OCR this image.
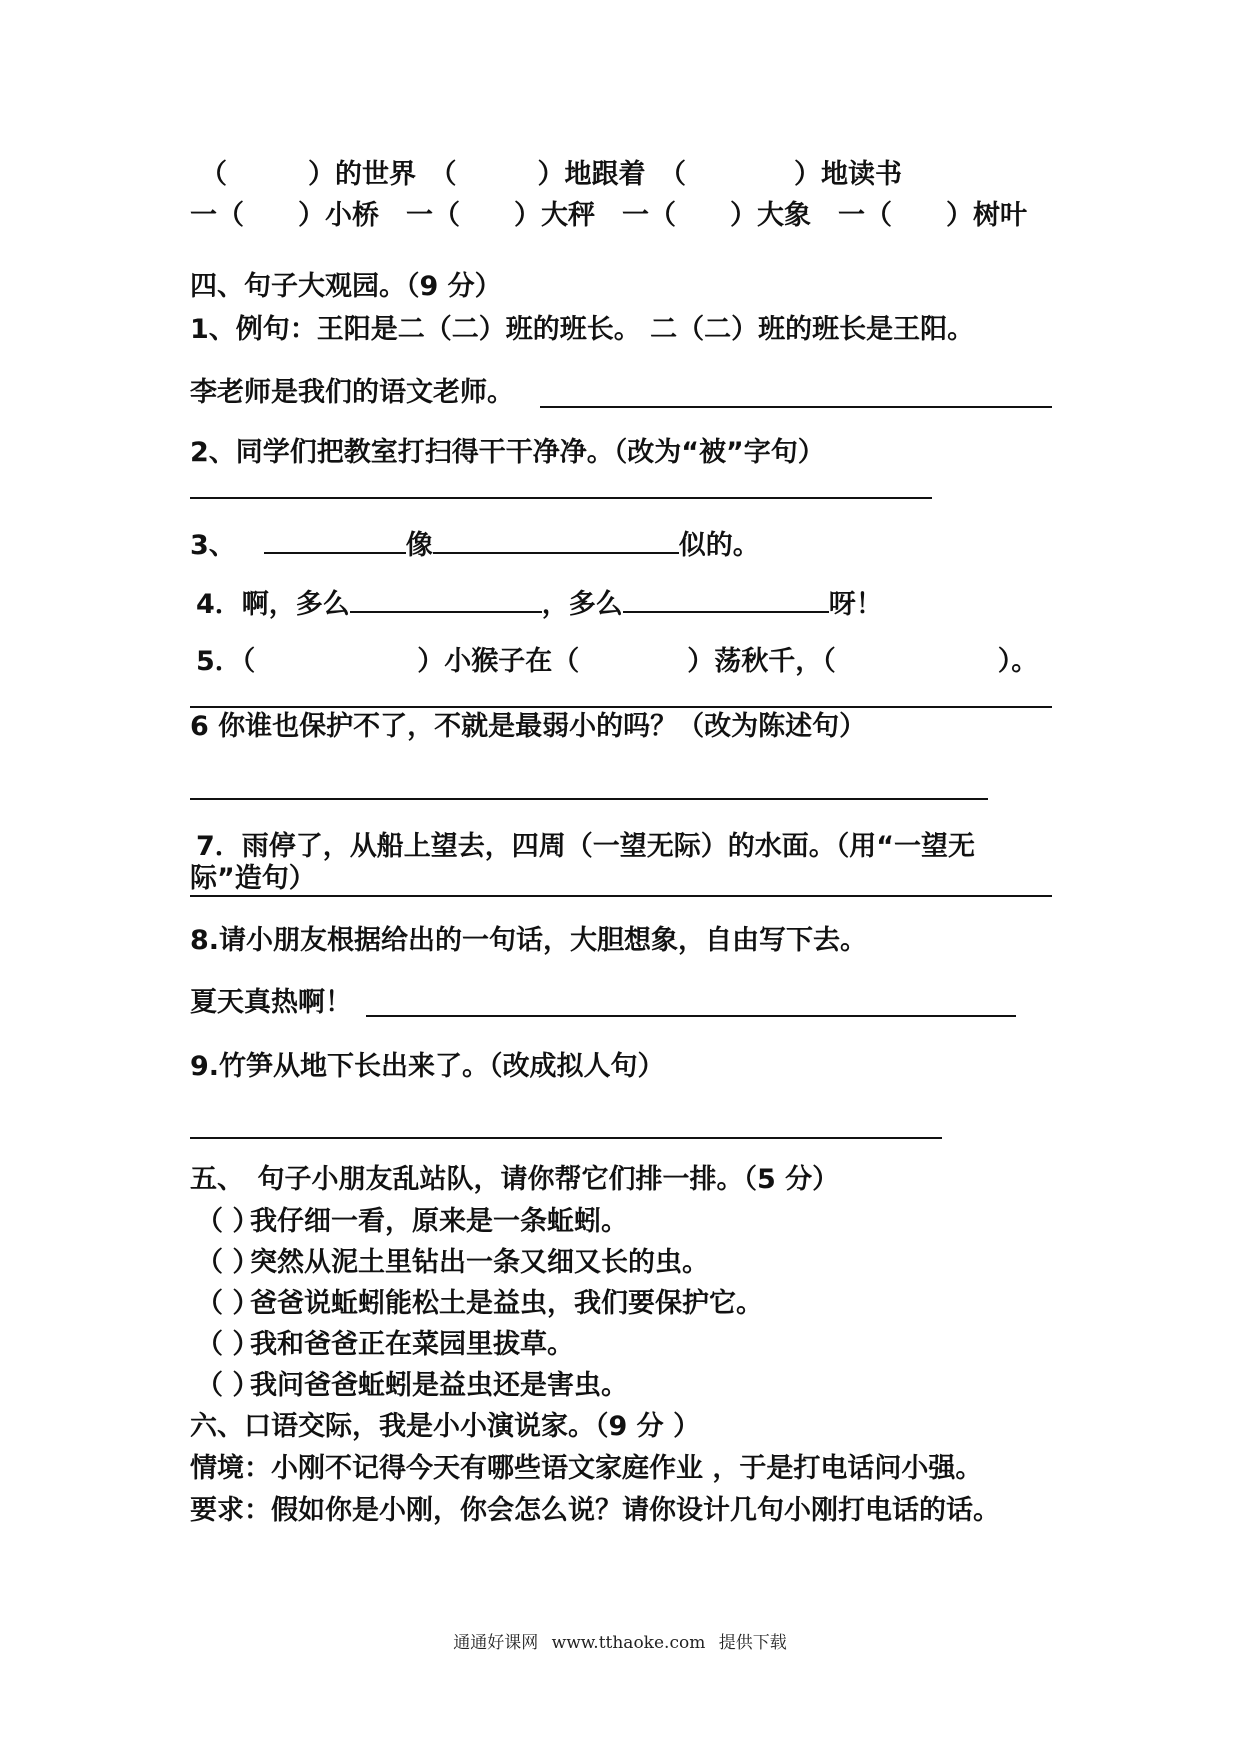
（　　　）的世界　（　　　）地跟着　（　　　　）地读书
一（　　）小桥　一（　　）大秤　一（　　）大象　一（　　）树叶
四、句子大观园。（9 分）
1、例句：王阳是二（二）班的班长。 二（二）班的班长是王阳。
李老师是我们的语文老师。
2、同学们把教室打扫得干干净净。（改为“被”字句）
3、	像	似的。
4．啊，多么	，多么	呀！
5．（　　　　　　）小猴子在（　　　　）荡秋千，（　　　　　　）。
6 你谁也保护不了，不就是最弱小的吗？（改为陈述句）
7．雨停了，从船上望去，四周（一望无际）的水面。（用“一望无
际”造句）
8.请小朋友根据给出的一句话，大胆想象，自由写下去。
夏天真热啊！
9.竹笋从地下长出来了。（改成拟人句）
五、　句子小朋友乱站队，请你帮它们排一排。（5 分）
（ ）我仔细一看，原来是一条蚯蚓。
（ ）突然从泥土里钻出一条又细又长的虫。
（ ）爸爸说蚯蚓能松土是益虫，我们要保护它。
（ ）我和爸爸正在菜园里拔草。
（ ）我问爸爸蚯蚓是益虫还是害虫。
六、口语交际，我是小小演说家。（9 分 ）
情境：小刚不记得今天有哪些语文家庭作业 ，于是打电话问小强。
要求：假如你是小刚，你会怎么说？请你设计几句小刚打电话的话。
通通好课网 www.tthaoke.com 提供下载
